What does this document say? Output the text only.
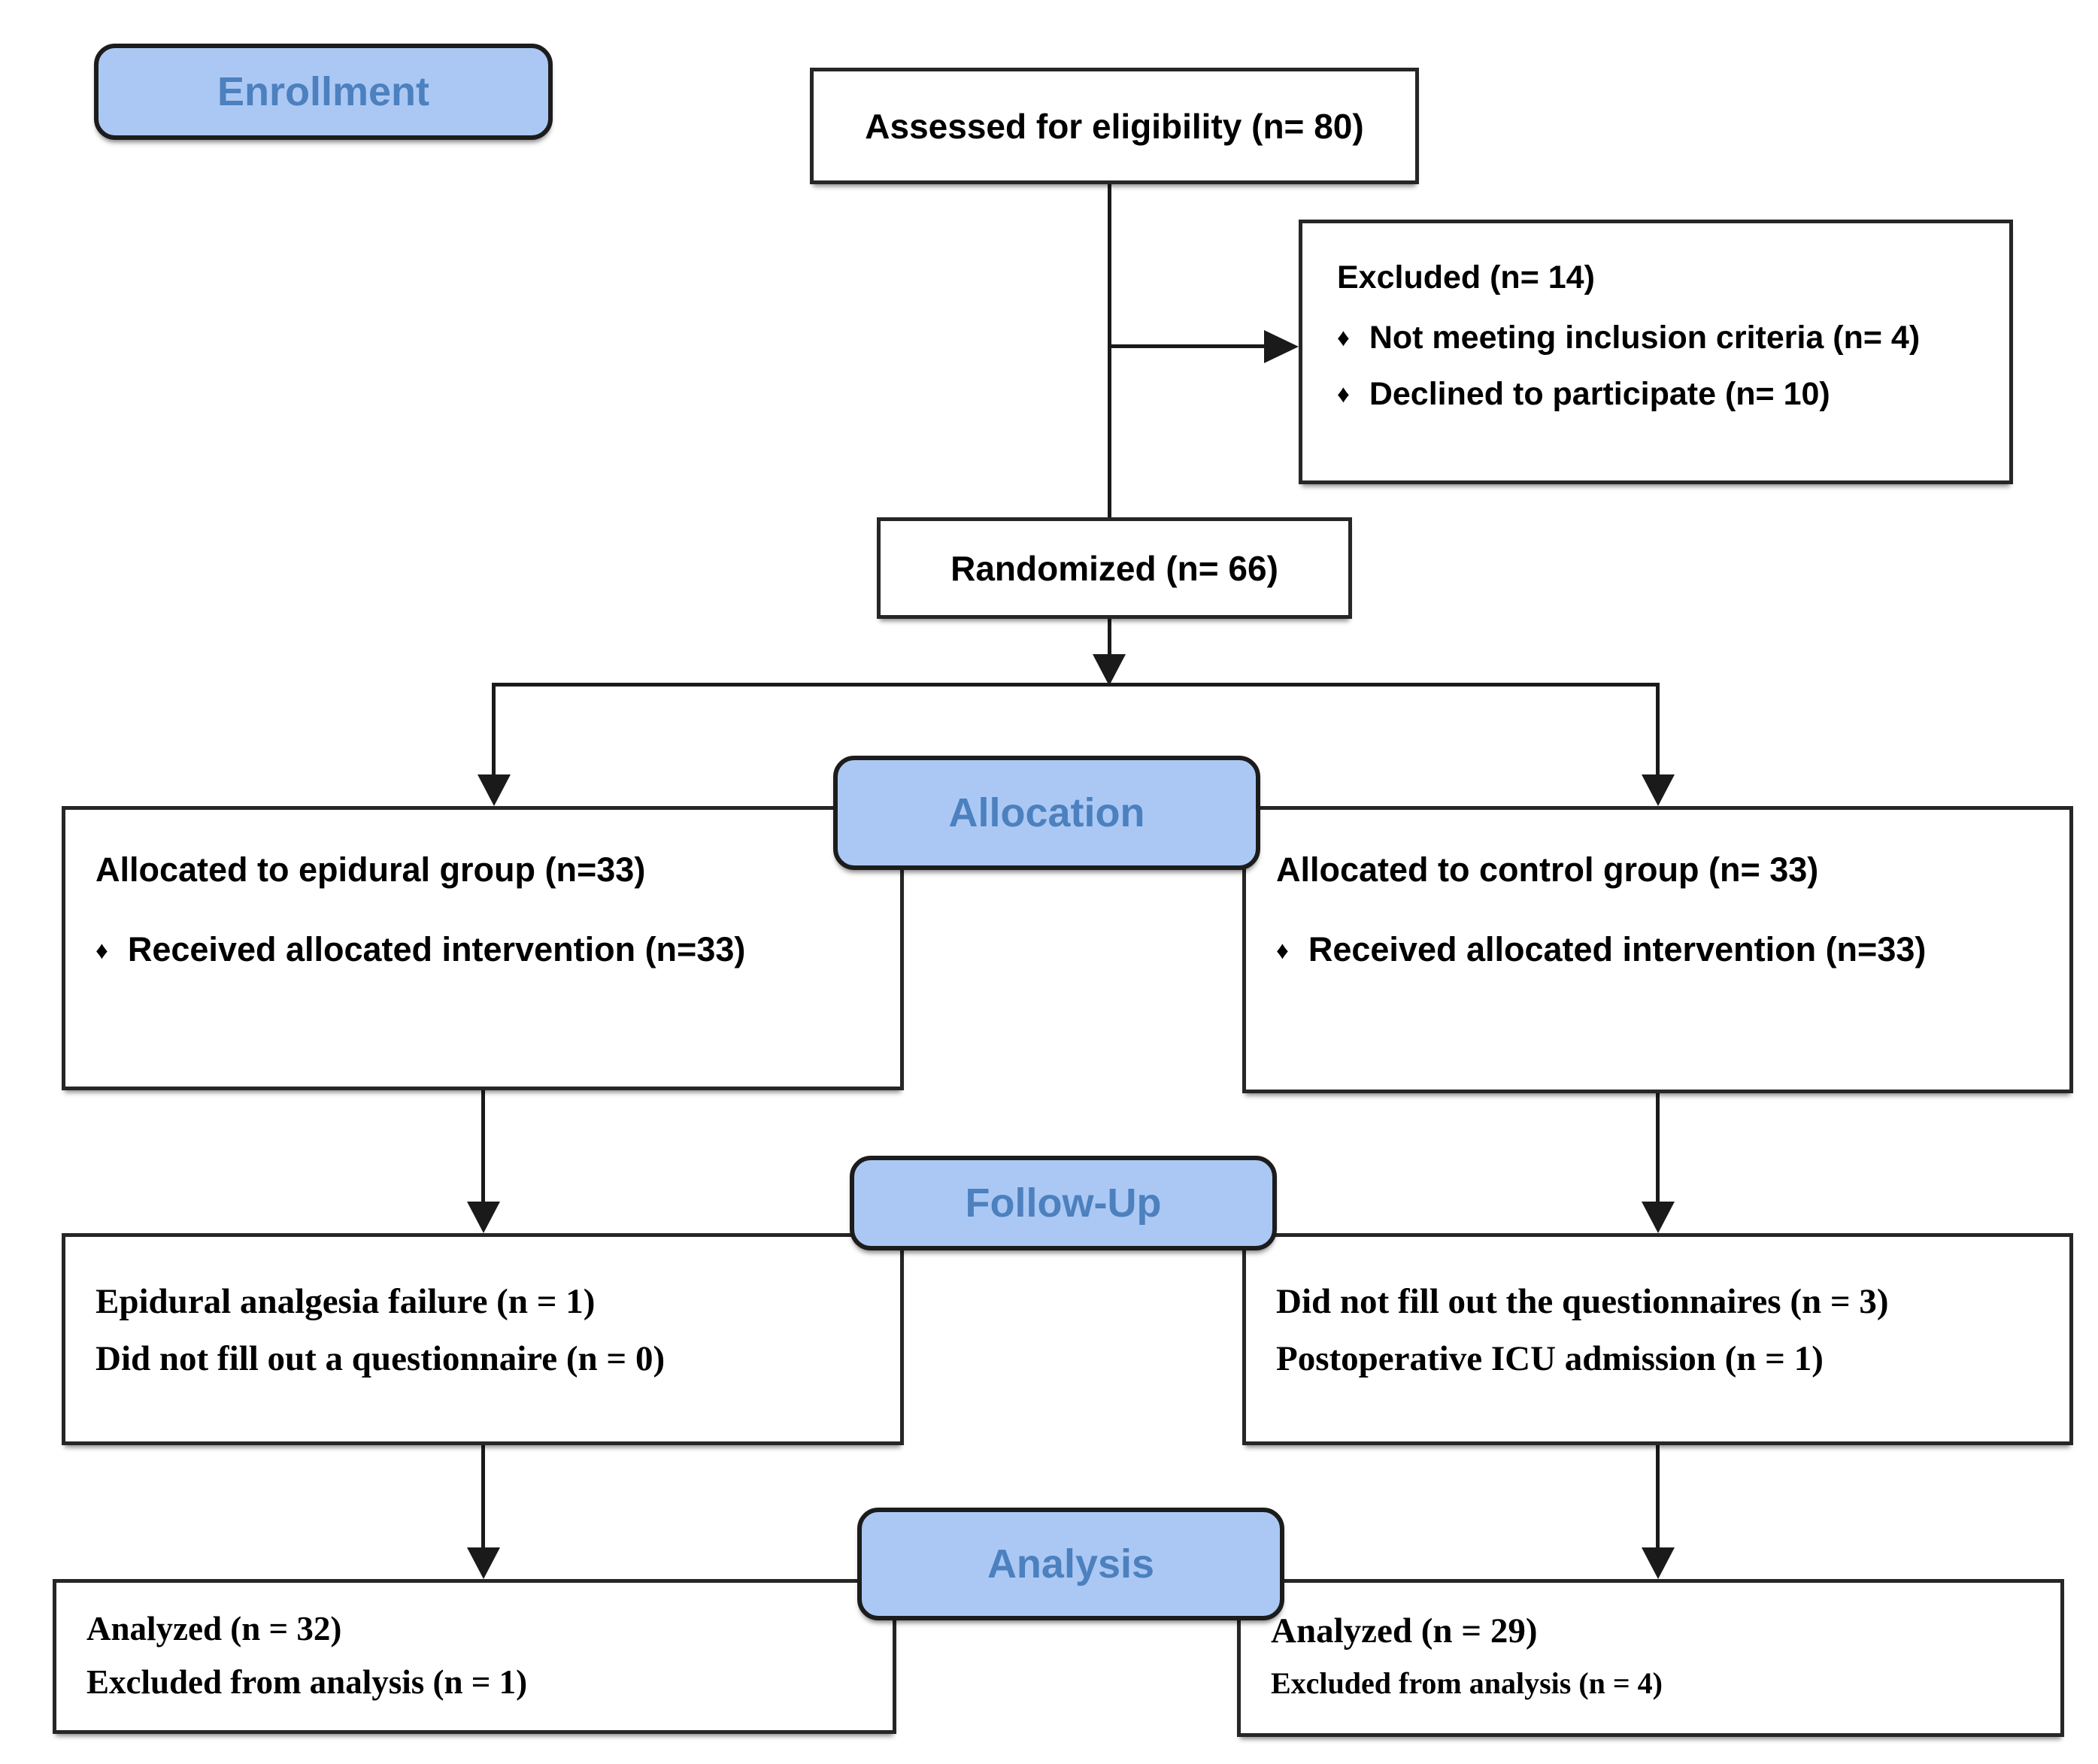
Enrollment
Allocation
Follow-Up
Analysis
Assessed for eligibility (n= 80)
Excluded (n= 14)
♦ Not meeting inclusion criteria (n= 4)
♦ Declined to participate (n= 10)
Randomized (n= 66)
Allocated to epidural group (n=33)
♦ Received allocated intervention (n=33)
Allocated to control group (n= 33)
♦ Received allocated intervention (n=33)
Epidural analgesia failure (n = 1)
Did not fill out a questionnaire (n = 0)
Did not fill out the questionnaires (n = 3)
Postoperative ICU admission (n = 1)
Analyzed (n = 32)
Excluded from analysis (n = 1)
Analyzed (n = 29)
Excluded from analysis (n = 4)
